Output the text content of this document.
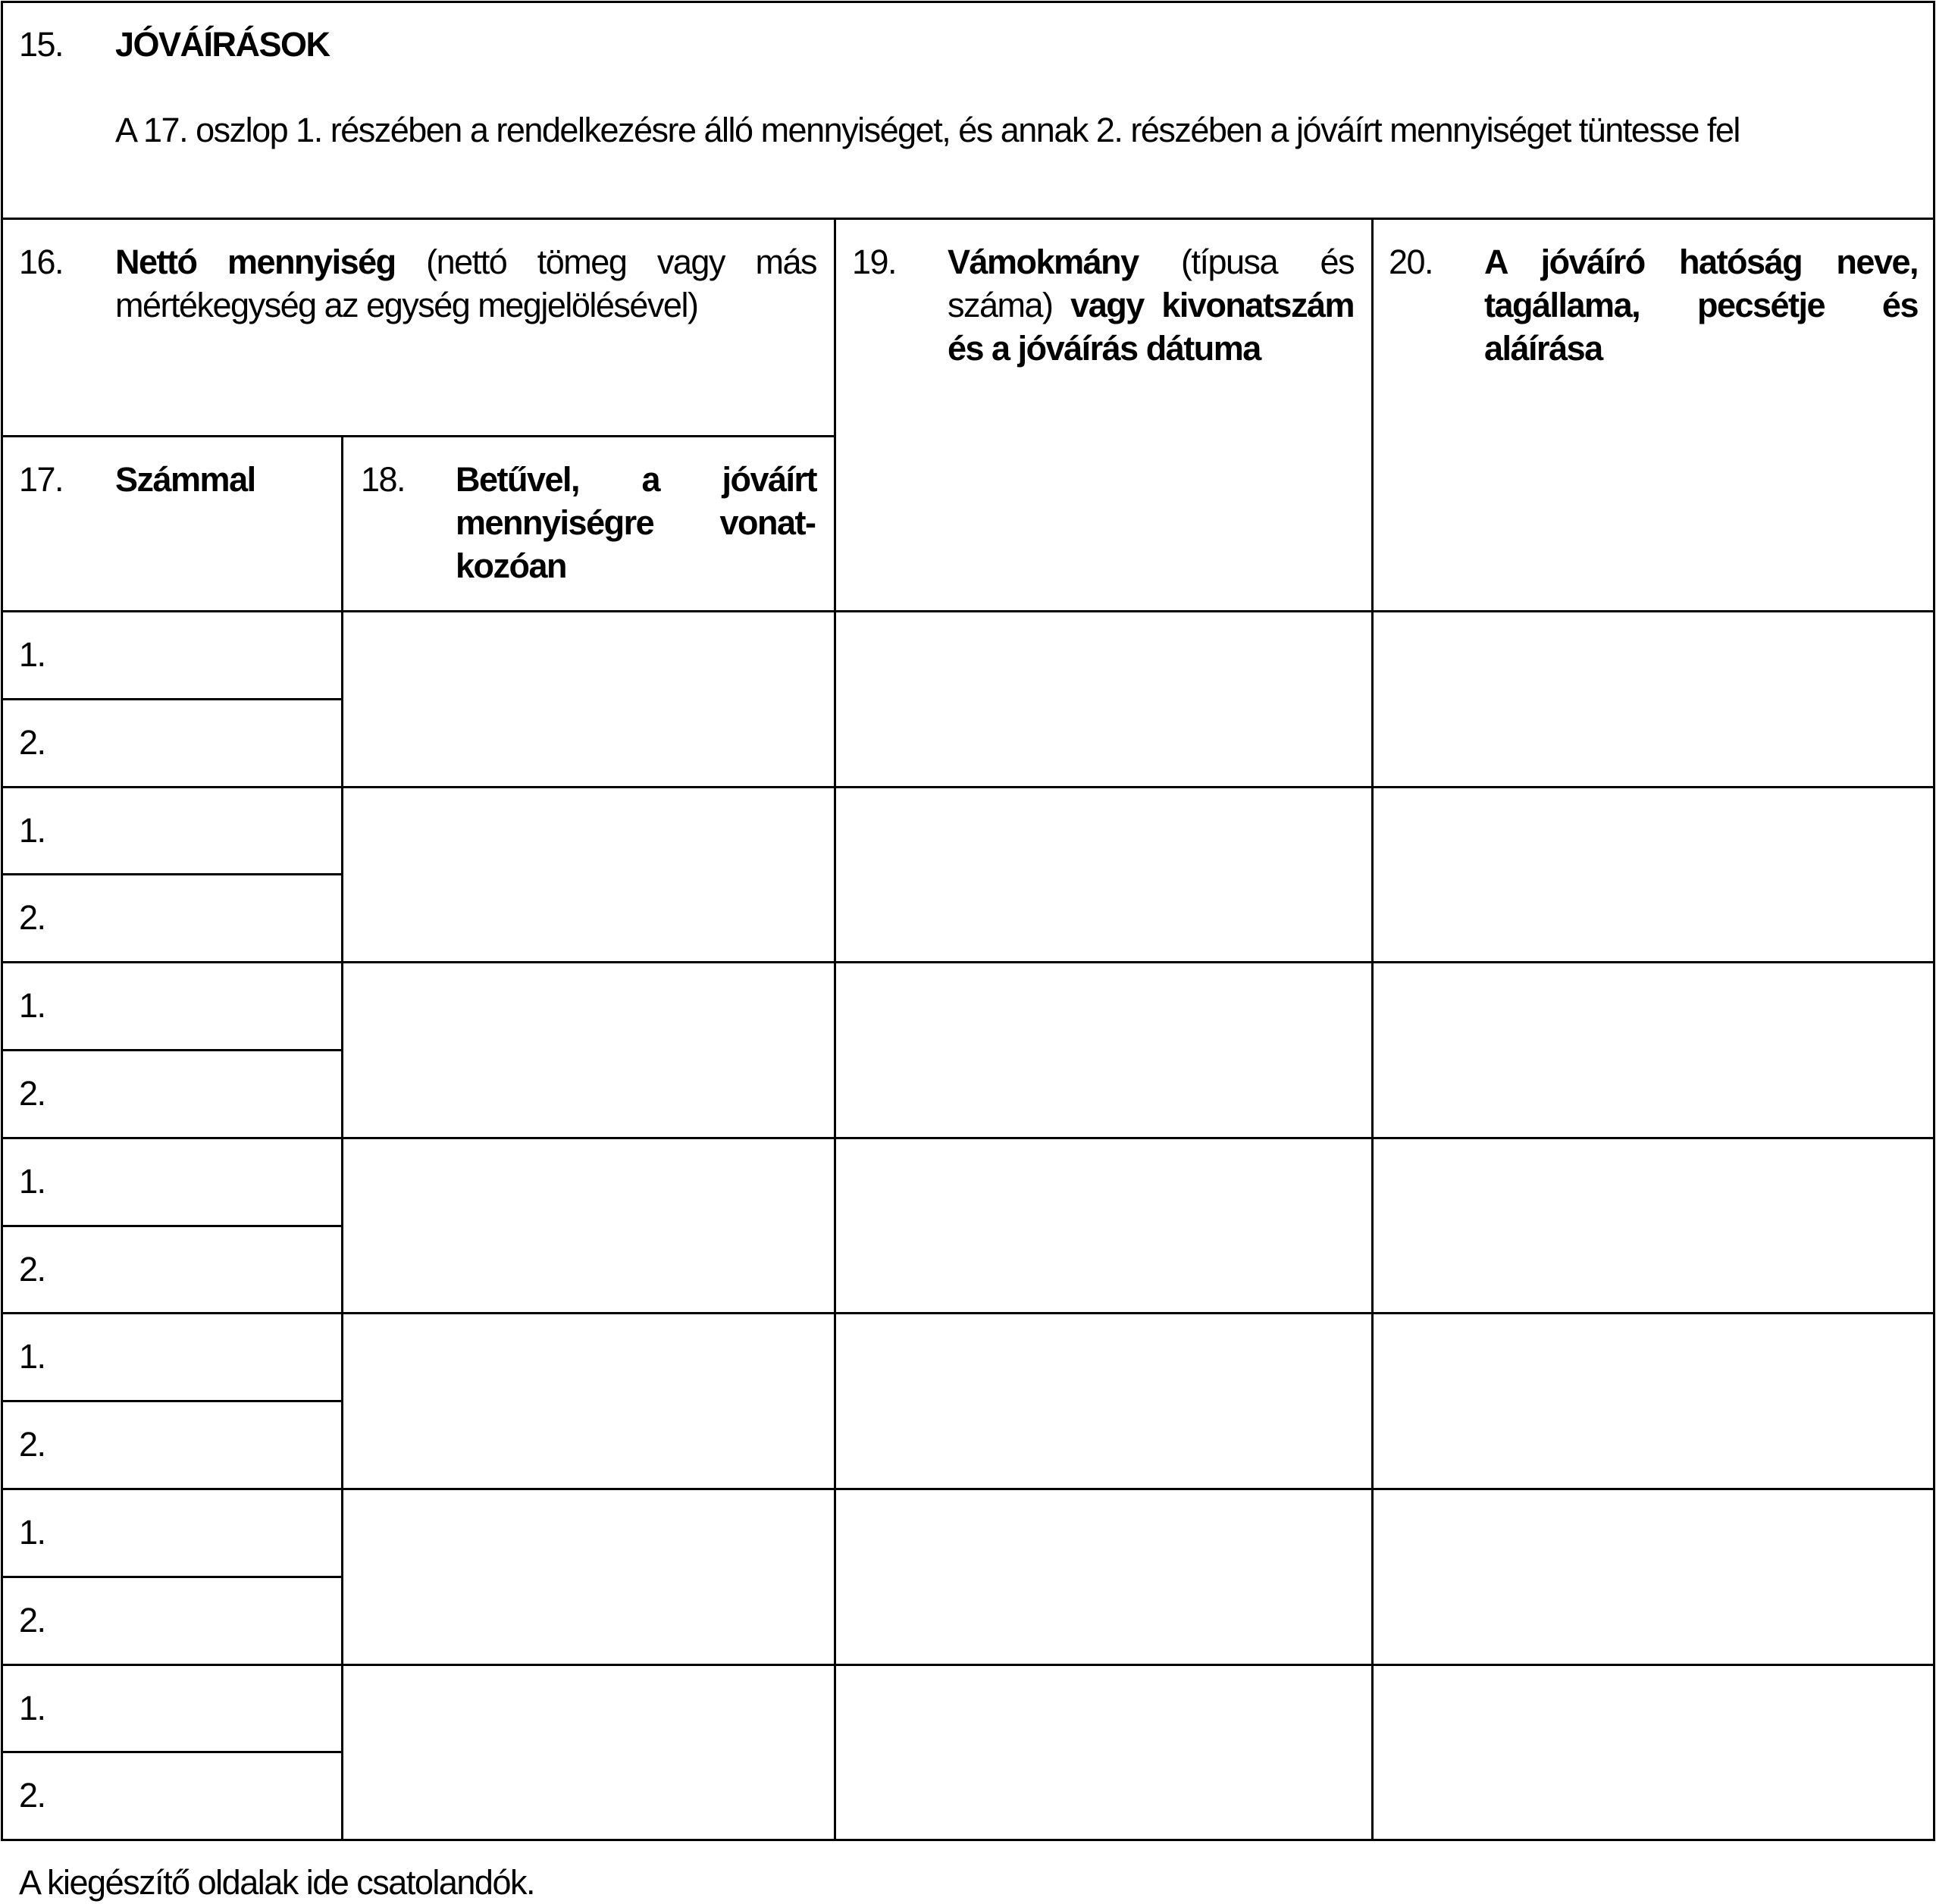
15. JÓVÁÍRÁSOK
A 17. oszlop 1. részében a rendelkezésre álló mennyiséget, és annak 2. részében a jóváírt mennyiséget tüntesse fel
16. Nettó mennyiség (nettó tömeg vagy más mértékegység az egység megjelölésével)
19. Vámokmány (típusa és száma) vagy kivonatszám és a jóváírás dátuma
20. A jóváíró hatóság neve, tagállama, pecsétje és aláírása
17. Számmal	18. Betűvel, a jóváírt mennyiségre vonatkozóan
1.
2.
1.
2.
1.
2.
1.
2.
1.
2.
1.
2.
1.
2.
A kiegészítő oldalak ide csatolandók.
